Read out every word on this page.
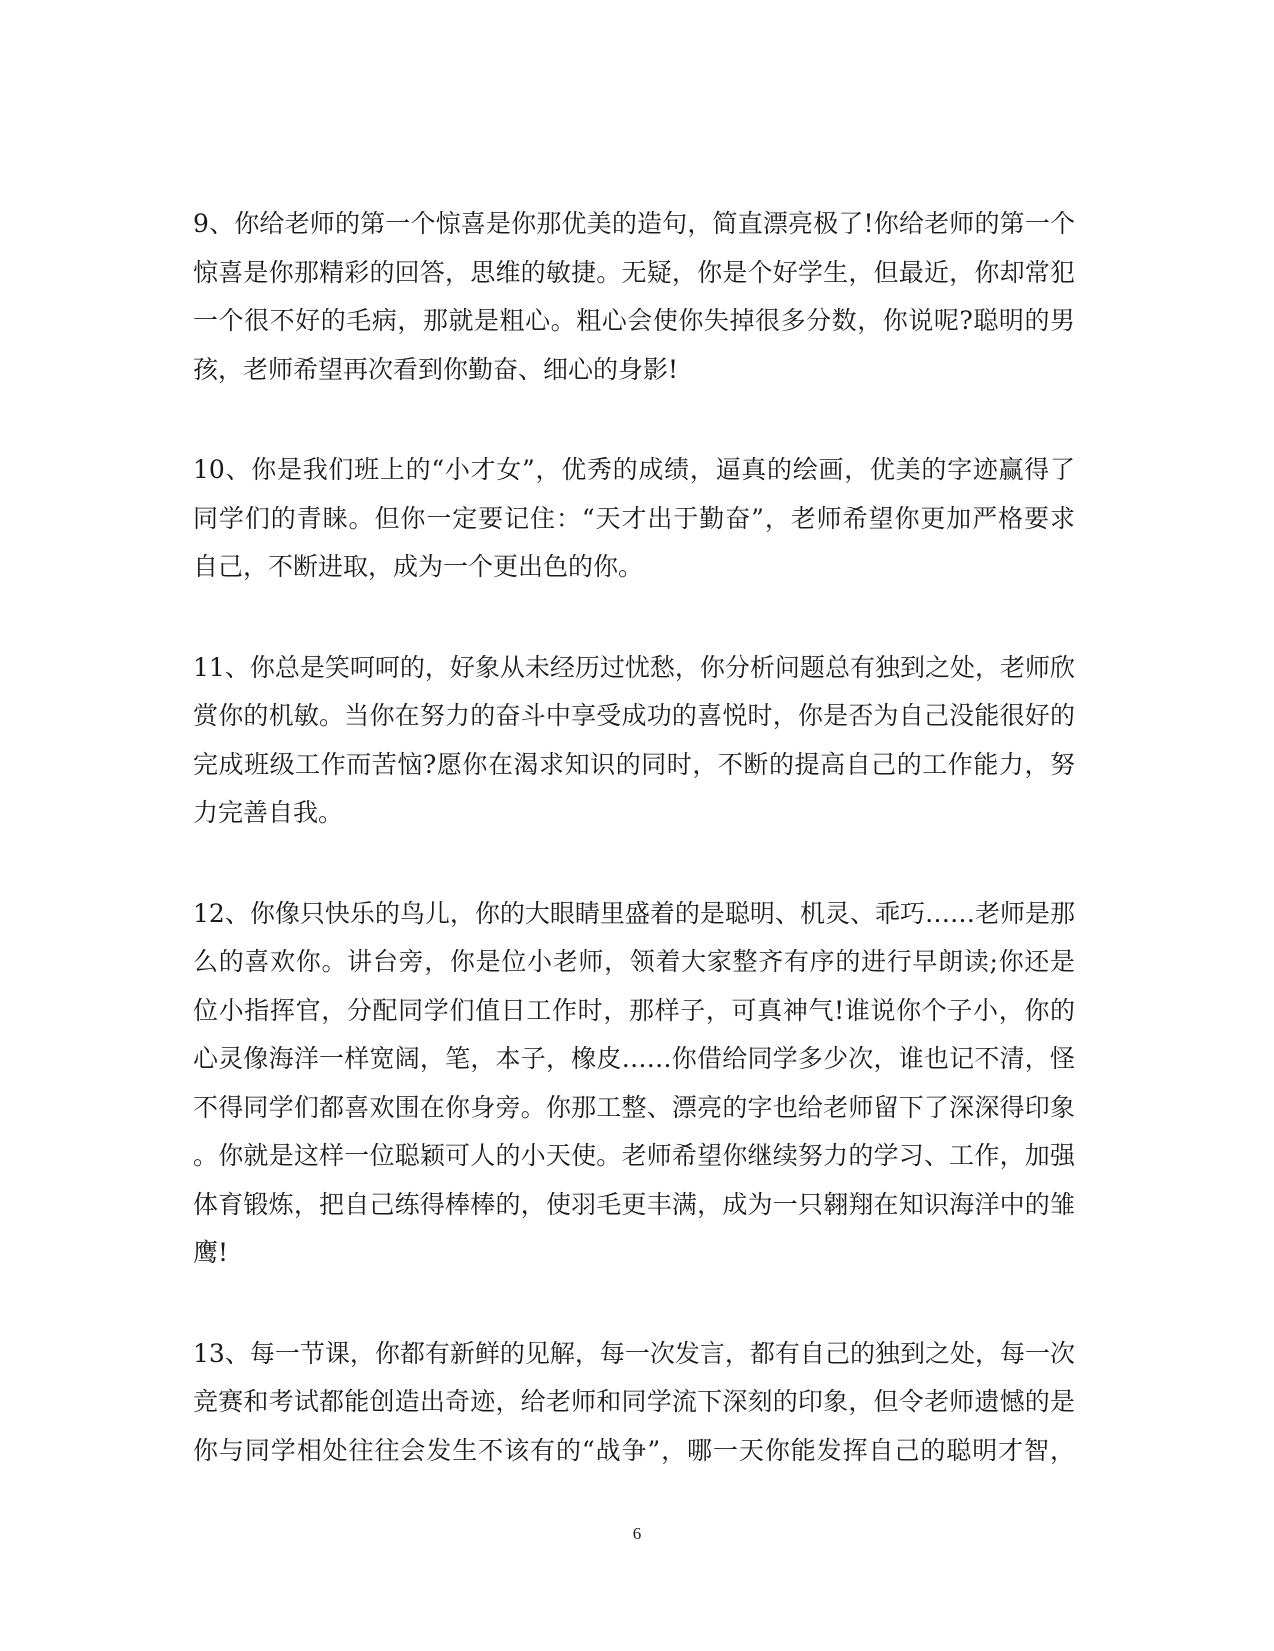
9、你给老师的第一个惊喜是你那优美的造句，简直漂亮极了!你给老师的第一个
惊喜是你那精彩的回答，思维的敏捷。无疑，你是个好学生，但最近，你却常犯
一个很不好的毛病，那就是粗心。粗心会使你失掉很多分数，你说呢?聪明的男
孩，老师希望再次看到你勤奋、细心的身影!
10、你是我们班上的“小才女”，优秀的成绩，逼真的绘画，优美的字迹赢得了
同学们的青睐。但你一定要记住：“天才出于勤奋”，老师希望你更加严格要求
自己，不断进取，成为一个更出色的你。
11、你总是笑呵呵的，好象从未经历过忧愁，你分析问题总有独到之处，老师欣
赏你的机敏。当你在努力的奋斗中享受成功的喜悦时，你是否为自己没能很好的
完成班级工作而苦恼?愿你在渴求知识的同时，不断的提高自己的工作能力，努
力完善自我。
12、你像只快乐的鸟儿，你的大眼睛里盛着的是聪明、机灵、乖巧……老师是那
么的喜欢你。讲台旁，你是位小老师，领着大家整齐有序的进行早朗读;你还是
位小指挥官，分配同学们值日工作时，那样子，可真神气!谁说你个子小，你的
心灵像海洋一样宽阔，笔，本子，橡皮……你借给同学多少次，谁也记不清，怪
不得同学们都喜欢围在你身旁。你那工整、漂亮的字也给老师留下了深深得印象
。你就是这样一位聪颖可人的小天使。老师希望你继续努力的学习、工作，加强
体育锻炼，把自己练得棒棒的，使羽毛更丰满，成为一只翱翔在知识海洋中的雏
鹰!
13、每一节课，你都有新鲜的见解，每一次发言，都有自己的独到之处，每一次
竞赛和考试都能创造出奇迹，给老师和同学流下深刻的印象，但令老师遗憾的是
你与同学相处往往会发生不该有的“战争”，哪一天你能发挥自己的聪明才智，
6
